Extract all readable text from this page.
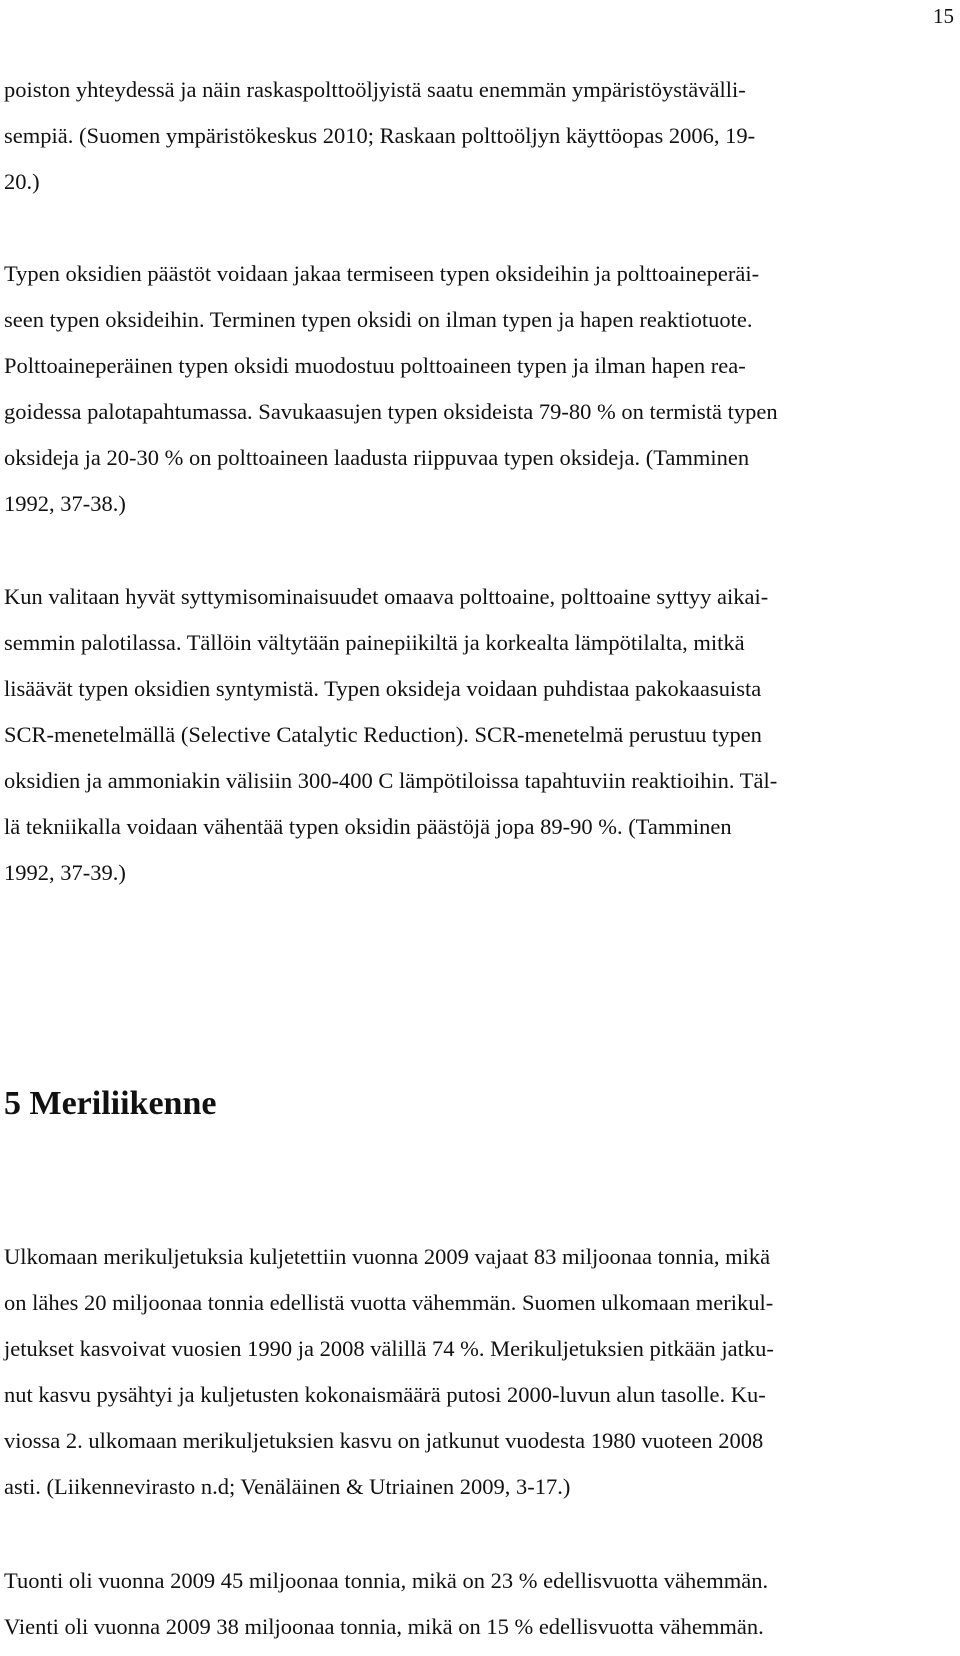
15
poiston yhteydessä ja näin raskaspolttoöljyistä saatu enemmän ympäristöystävälli-
sempiä. (Suomen ympäristökeskus 2010; Raskaan polttoöljyn käyttöopas 2006, 19-
20.)
Typen oksidien päästöt voidaan jakaa termiseen typen oksideihin ja polttoaineperäi-
seen typen oksideihin. Terminen typen oksidi on ilman typen ja hapen reaktiotuote.
Polttoaineperäinen typen oksidi muodostuu polttoaineen typen ja ilman hapen rea-
goidessa palotapahtumassa. Savukaasujen typen oksideista 79-80 % on termistä typen
oksideja ja 20-30 % on polttoaineen laadusta riippuvaa typen oksideja. (Tamminen
1992, 37-38.)
Kun valitaan hyvät syttymisominaisuudet omaava polttoaine, polttoaine syttyy aikai-
semmin palotilassa. Tällöin vältytään painepiikiltä ja korkealta lämpötilalta, mitkä
lisäävät typen oksidien syntymistä. Typen oksideja voidaan puhdistaa pakokaasuista
SCR-menetelmällä (Selective Catalytic Reduction). SCR-menetelmä perustuu typen
oksidien ja ammoniakin välisiin 300-400 C lämpötiloissa tapahtuviin reaktioihin. Täl-
lä tekniikalla voidaan vähentää typen oksidin päästöjä jopa 89-90 %. (Tamminen
1992, 37-39.)
5 Meriliikenne
Ulkomaan merikuljetuksia kuljetettiin vuonna 2009 vajaat 83 miljoonaa tonnia, mikä
on lähes 20 miljoonaa tonnia edellistä vuotta vähemmän. Suomen ulkomaan merikul-
jetukset kasvoivat vuosien 1990 ja 2008 välillä 74 %. Merikuljetuksien pitkään jatku-
nut kasvu pysähtyi ja kuljetusten kokonaismäärä putosi 2000-luvun alun tasolle. Ku-
viossa 2. ulkomaan merikuljetuksien kasvu on jatkunut vuodesta 1980 vuoteen 2008
asti. (Liikennevirasto n.d; Venäläinen & Utriainen 2009, 3-17.)
Tuonti oli vuonna 2009 45 miljoonaa tonnia, mikä on 23 % edellisvuotta vähemmän.
Vienti oli vuonna 2009 38 miljoonaa tonnia, mikä on 15 % edellisvuotta vähemmän.
